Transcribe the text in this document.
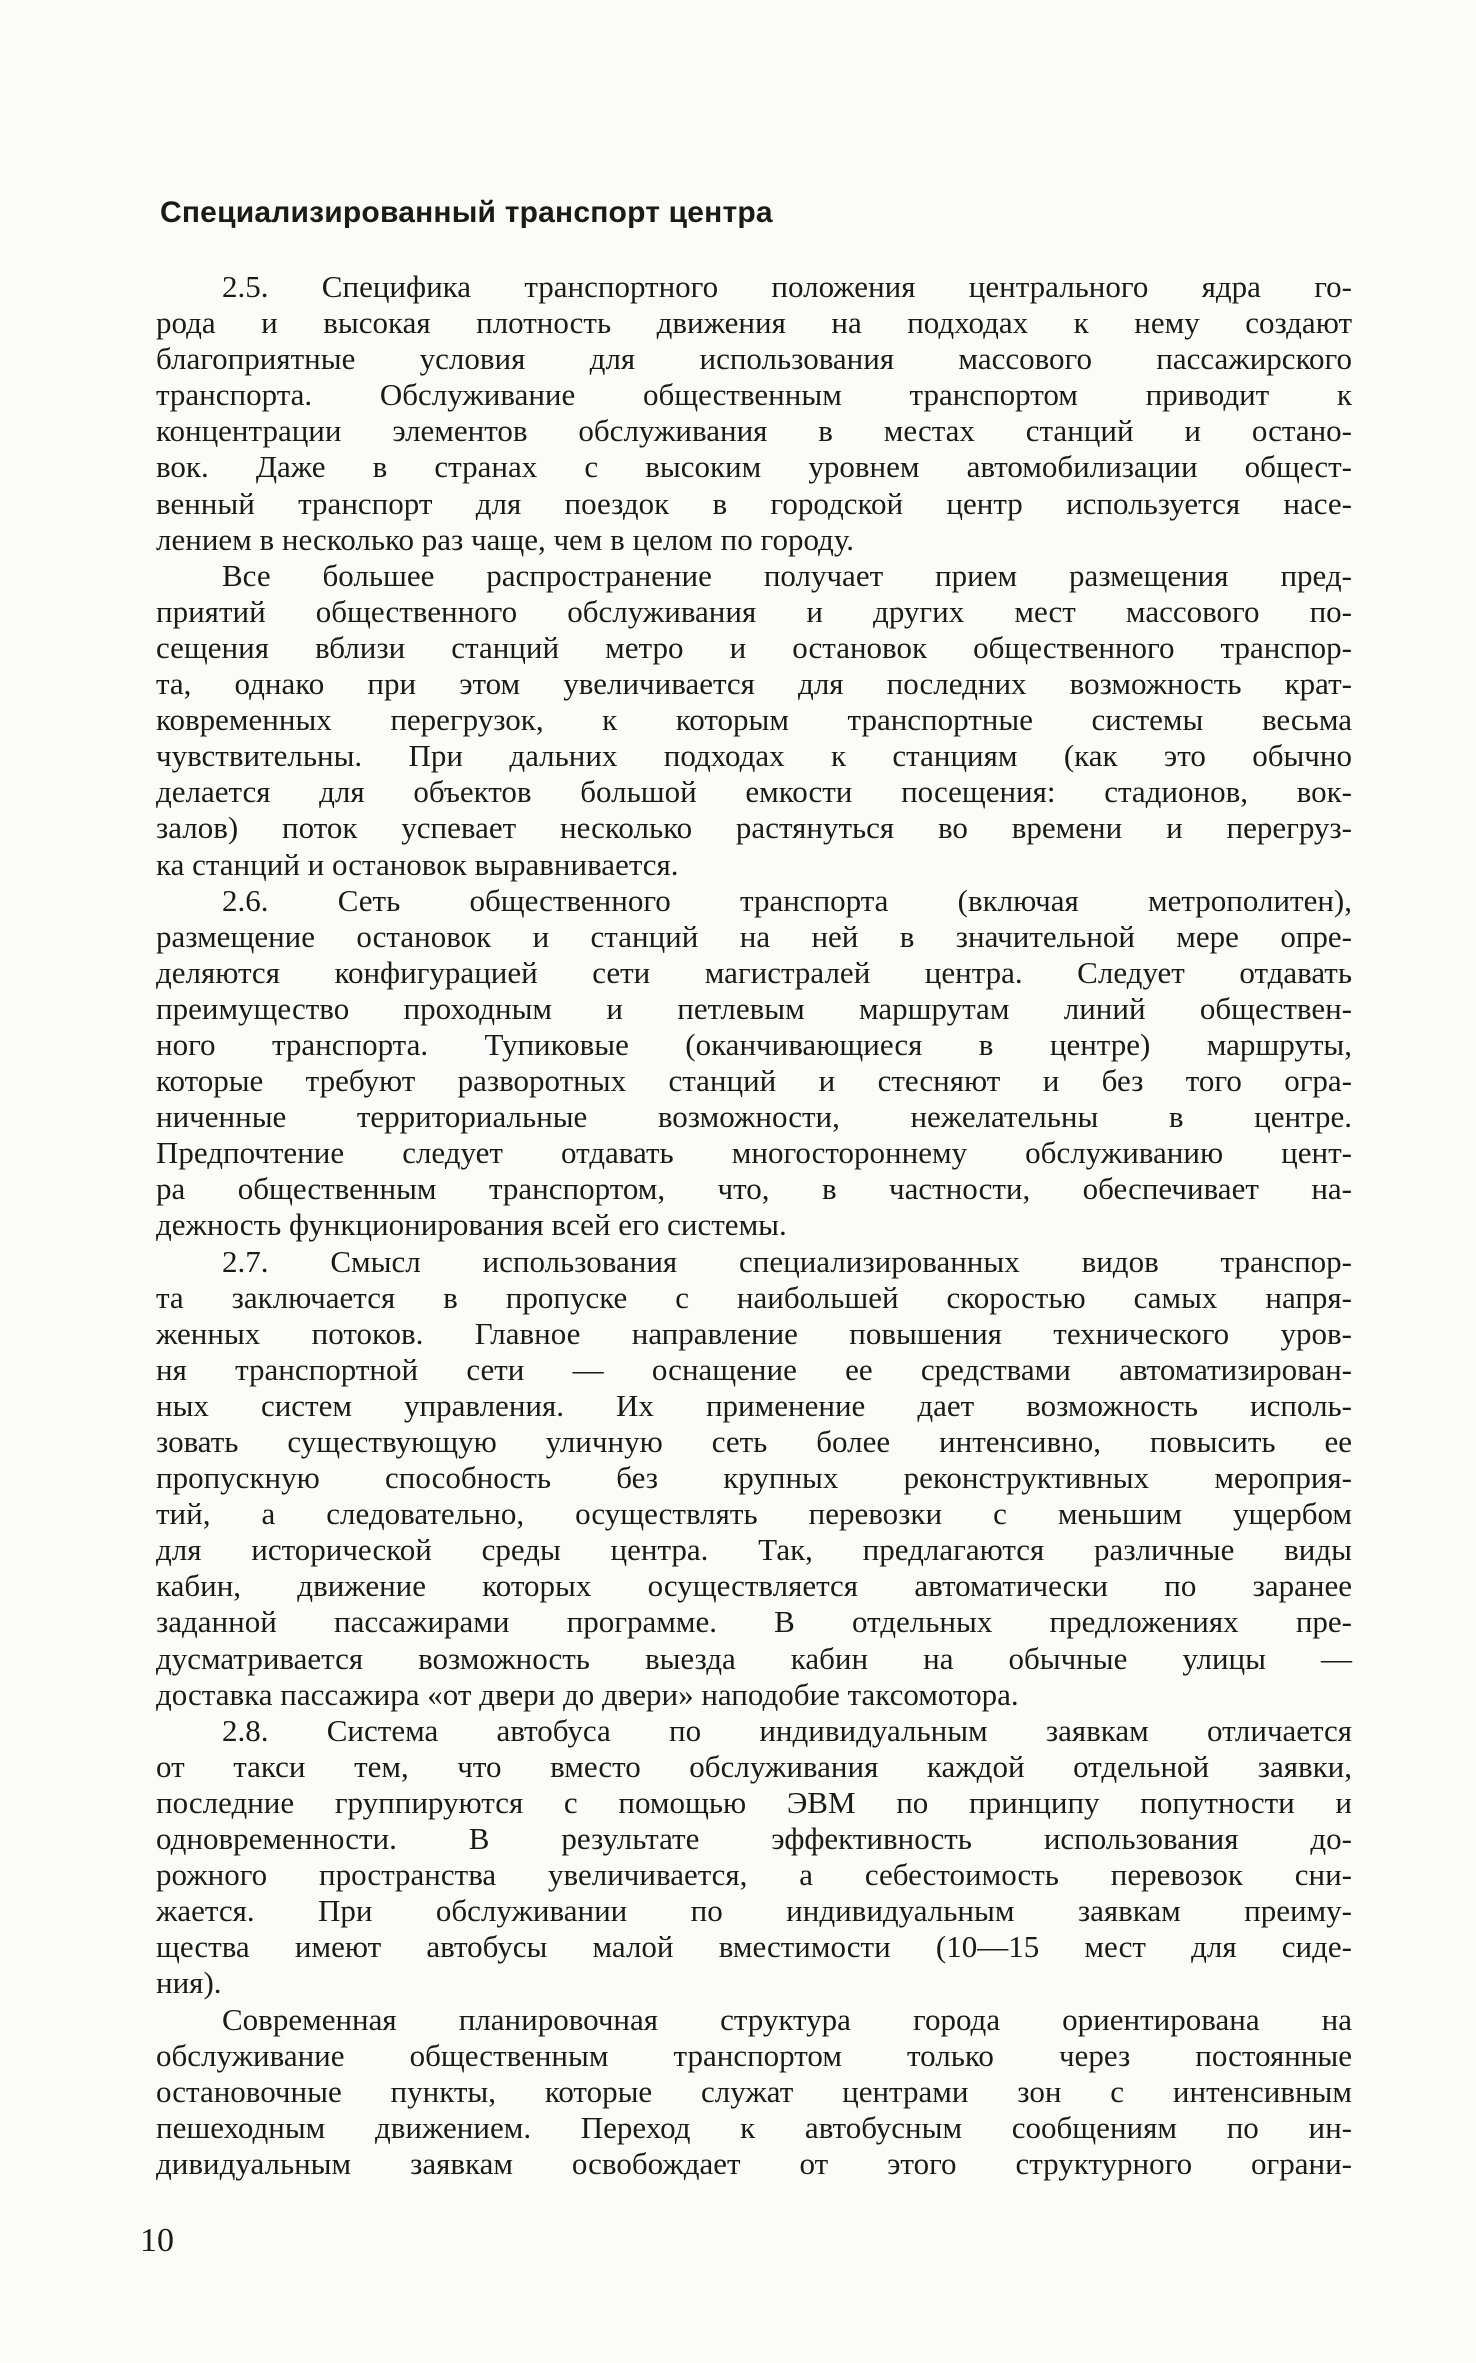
Специализированный транспорт центра
2.5. Специфика транспортного положения центрального ядра го-
рода и высокая плотность движения на подходах к нему создают
благоприятные условия для использования массового пассажирского
транспорта. Обслуживание общественным транспортом приводит к
концентрации элементов обслуживания в местах станций и остано-
вок. Даже в странах с высоким уровнем автомобилизации общест-
венный транспорт для поездок в городской центр используется насе-
лением в несколько раз чаще, чем в целом по городу.
Все большее распространение получает прием размещения пред-
приятий общественного обслуживания и других мест массового по-
сещения вблизи станций метро и остановок общественного транспор-
та, однако при этом увеличивается для последних возможность крат-
ковременных перегрузок, к которым транспортные системы весьма
чувствительны. При дальних подходах к станциям (как это обычно
делается для объектов большой емкости посещения: стадионов, вок-
залов) поток успевает несколько растянуться во времени и перегруз-
ка станций и остановок выравнивается.
2.6. Сеть общественного транспорта (включая метрополитен),
размещение остановок и станций на ней в значительной мере опре-
деляются конфигурацией сети магистралей центра. Следует отдавать
преимущество проходным и петлевым маршрутам линий обществен-
ного транспорта. Тупиковые (оканчивающиеся в центре) маршруты,
которые требуют разворотных станций и стесняют и без того огра-
ниченные территориальные возможности, нежелательны в центре.
Предпочтение следует отдавать многостороннему обслуживанию цент-
ра общественным транспортом, что, в частности, обеспечивает на-
дежность функционирования всей его системы.
2.7. Смысл использования специализированных видов транспор-
та заключается в пропуске с наибольшей скоростью самых напря-
женных потоков. Главное направление повышения технического уров-
ня транспортной сети — оснащение ее средствами автоматизирован-
ных систем управления. Их применение дает возможность исполь-
зовать существующую уличную сеть более интенсивно, повысить ее
пропускную способность без крупных реконструктивных мероприя-
тий, а следовательно, осуществлять перевозки с меньшим ущербом
для исторической среды центра. Так, предлагаются различные виды
кабин, движение которых осуществляется автоматически по заранее
заданной пассажирами программе. В отдельных предложениях пре-
дусматривается возможность выезда кабин на обычные улицы —
доставка пассажира «от двери до двери» наподобие таксомотора.
2.8. Система автобуса по индивидуальным заявкам отличается
от такси тем, что вместо обслуживания каждой отдельной заявки,
последние группируются с помощью ЭВМ по принципу попутности и
одновременности. В результате эффективность использования до-
рожного пространства увеличивается, а себестоимость перевозок сни-
жается. При обслуживании по индивидуальным заявкам преиму-
щества имеют автобусы малой вместимости (10—15 мест для сиде-
ния).
Современная планировочная структура города ориентирована на
обслуживание общественным транспортом только через постоянные
остановочные пункты, которые служат центрами зон с интенсивным
пешеходным движением. Переход к автобусным сообщениям по ин-
дивидуальным заявкам освобождает от этого структурного ограни-
10
